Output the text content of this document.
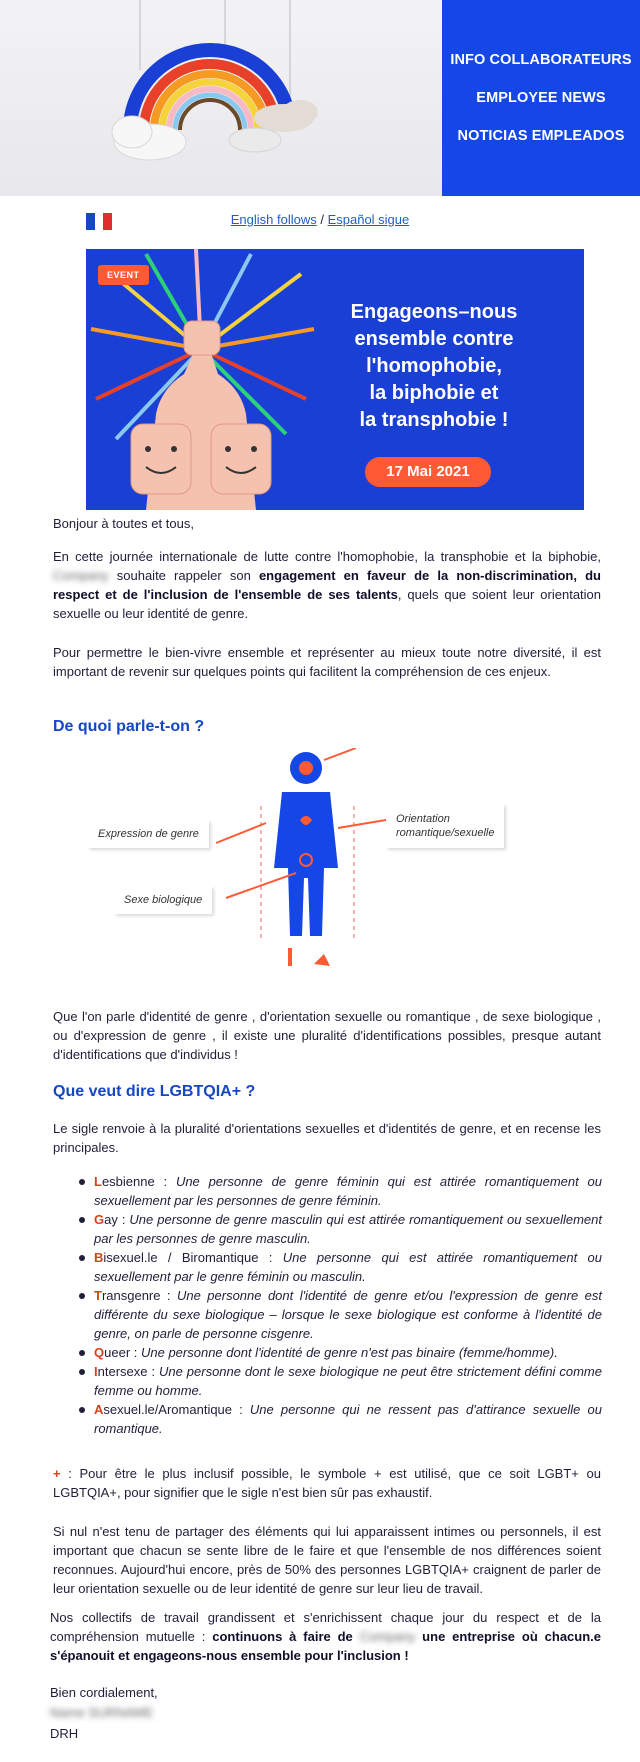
INFO COLLABORATEURS
EMPLOYEE NEWS
NOTICIAS EMPLEADOS
English follows / Español sigue
EVENT
Engageons–nous
ensemble contre
l'homophobie,
la biphobie et
la transphobie !
17 Mai 2021
Bonjour à toutes et tous,
En cette journée internationale de lutte contre l'homophobie, la transphobie et la biphobie, Company souhaite rappeler son engagement en faveur de la non-discrimination, du respect et de l'inclusion de l'ensemble de ses talents, quels que soient leur orientation sexuelle ou leur identité de genre.
Pour permettre le bien-vivre ensemble et représenter au mieux toute notre diversité, il est important de revenir sur quelques points qui facilitent la compréhension de ces enjeux.
De quoi parle-t-on ?
Expression de genre
Sexe biologique
Orientation
romantique/sexuelle
Que l'on parle d'identité de genre , d'orientation sexuelle ou romantique , de sexe biologique , ou d'expression de genre , il existe une pluralité d'identifications possibles, presque autant d'identifications que d'individus !
Que veut dire LGBTQIA+ ?
Le sigle renvoie à la pluralité d'orientations sexuelles et d'identités de genre, et en recense les principales.
Lesbienne : Une personne de genre féminin qui est attirée romantiquement ou sexuellement par les personnes de genre féminin.
Gay : Une personne de genre masculin qui est attirée romantiquement ou sexuellement par les personnes de genre masculin.
Bisexuel.le / Biromantique : Une personne qui est attirée romantiquement ou sexuellement par le genre féminin ou masculin.
Transgenre : Une personne dont l'identité de genre et/ou l'expression de genre est différente du sexe biologique – lorsque le sexe biologique est conforme à l'identité de genre, on parle de personne cisgenre.
Queer : Une personne dont l'identité de genre n'est pas binaire (femme/homme).
Intersexe : Une personne dont le sexe biologique ne peut être strictement défini comme femme ou homme.
Asexuel.le/Aromantique : Une personne qui ne ressent pas d'attirance sexuelle ou romantique.
+ : Pour être le plus inclusif possible, le symbole + est utilisé, que ce soit LGBT+ ou LGBTQIA+, pour signifier que le sigle n'est bien sûr pas exhaustif.
Si nul n'est tenu de partager des éléments qui lui apparaissent intimes ou personnels, il est important que chacun se sente libre de le faire et que l'ensemble de nos différences soient reconnues. Aujourd'hui encore, près de 50% des personnes LGBTQIA+ craignent de parler de leur orientation sexuelle ou de leur identité de genre sur leur lieu de travail.
Nos collectifs de travail grandissent et s'enrichissent chaque jour du respect et de la compréhension mutuelle : continuons à faire de Company une entreprise où chacun.e s'épanouit et engageons-nous ensemble pour l'inclusion !
Bien cordialement,
Name SURNAME
DRH
